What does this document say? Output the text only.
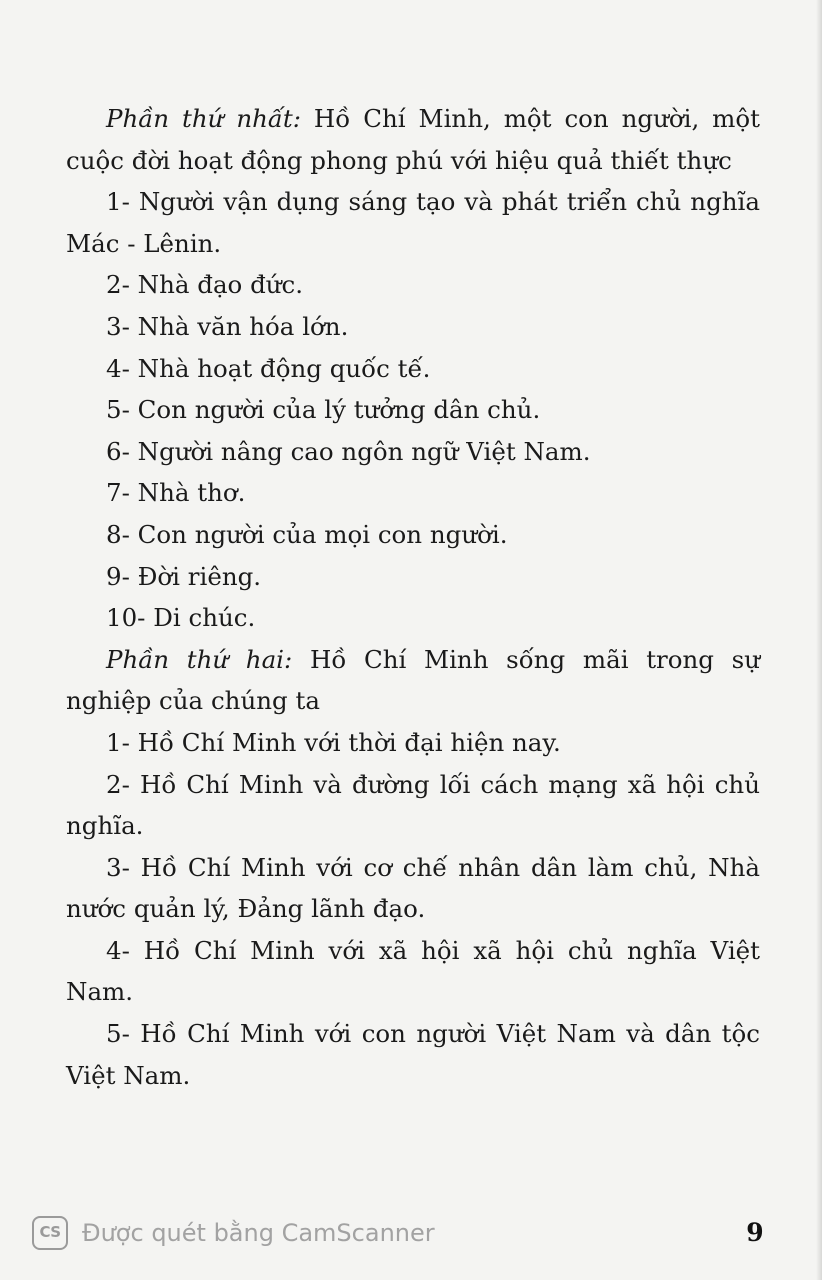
Phần thứ nhất: Hồ Chí Minh, một con người, một cuộc đời hoạt động phong phú với hiệu quả thiết thực

1- Người vận dụng sáng tạo và phát triển chủ nghĩa Mác - Lênin.

2- Nhà đạo đức.

3- Nhà văn hóa lớn.

4- Nhà hoạt động quốc tế.

5- Con người của lý tưởng dân chủ.

6- Người nâng cao ngôn ngữ Việt Nam.

7- Nhà thơ.

8- Con người của mọi con người.

9- Đời riêng.

10- Di chúc.

Phần thứ hai: Hồ Chí Minh sống mãi trong sự nghiệp của chúng ta

1- Hồ Chí Minh với thời đại hiện nay.

2- Hồ Chí Minh và đường lối cách mạng xã hội chủ nghĩa.

3- Hồ Chí Minh với cơ chế nhân dân làm chủ, Nhà nước quản lý, Đảng lãnh đạo.

4- Hồ Chí Minh với xã hội xã hội chủ nghĩa Việt Nam.

5- Hồ Chí Minh với con người Việt Nam và dân tộc Việt Nam.

CS Được quét bằng CamScanner	9
